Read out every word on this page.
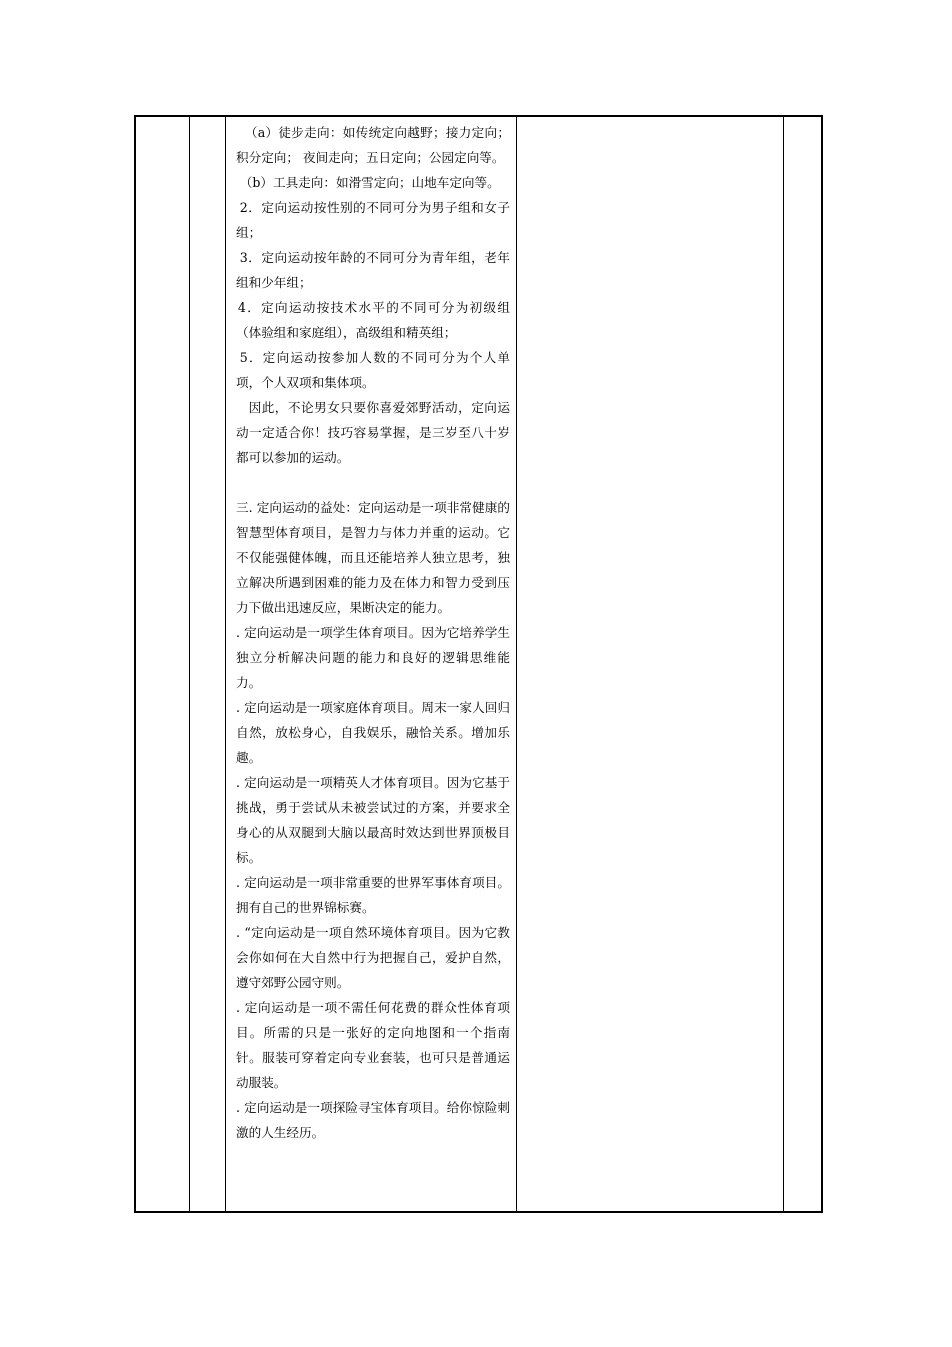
（a）徒步走向：如传统定向越野；接力定向；积分定向； 夜间走向；五日定向；公园定向等。

（b）工具走向：如滑雪定向；山地车定向等。

2．定向运动按性别的不同可分为男子组和女子组；

3．定向运动按年龄的不同可分为青年组，老年组和少年组；

4．定向运动按技术水平的不同可分为初级组（体验组和家庭组），高级组和精英组；

5．定向运动按参加人数的不同可分为个人单项，个人双项和集体项。

因此，不论男女只要你喜爱郊野活动，定向运动一定适合你！技巧容易掌握，是三岁至八十岁都可以参加的运动。

三. 定向运动的益处：定向运动是一项非常健康的智慧型体育项目，是智力与体力并重的运动。它不仅能强健体魄，而且还能培养人独立思考，独立解决所遇到困难的能力及在体力和智力受到压力下做出迅速反应，果断决定的能力。

. 定向运动是一项学生体育项目。因为它培养学生独立分析解决问题的能力和良好的逻辑思维能力。

. 定向运动是一项家庭体育项目。周末一家人回归自然，放松身心，自我娱乐，融恰关系。增加乐趣。

. 定向运动是一项精英人才体育项目。因为它基于挑战，勇于尝试从未被尝试过的方案，并要求全身心的从双腿到大脑以最高时效达到世界顶极目标。

. 定向运动是一项非常重要的世界军事体育项目。拥有自己的世界锦标赛。

. “定向运动是一项自然环境体育项目。因为它教会你如何在大自然中行为把握自己，爱护自然，遵守郊野公园守则。

. 定向运动是一项不需任何花费的群众性体育项目。所需的只是一张好的定向地图和一个指南针。服装可穿着定向专业套装，也可只是普通运动服装。

. 定向运动是一项探险寻宝体育项目。给你惊险刺激的人生经历。
